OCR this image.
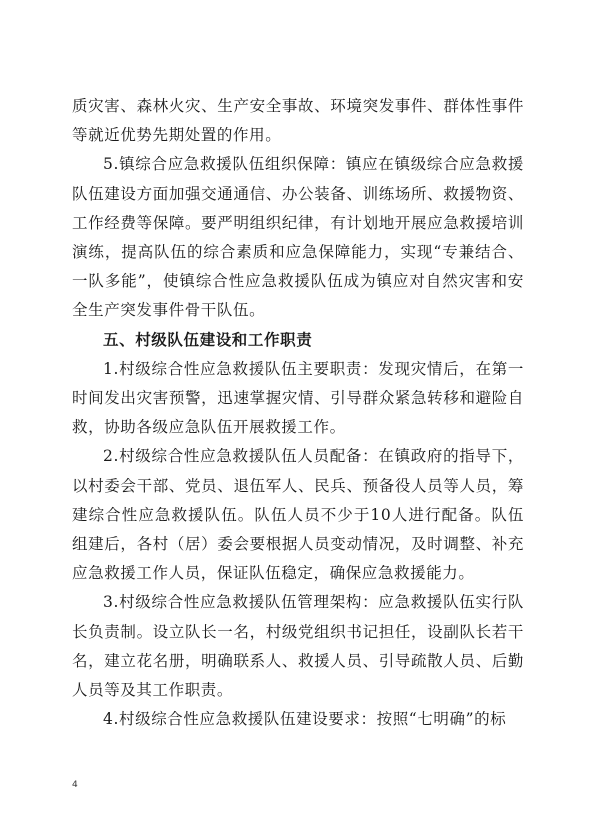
质灾害、森林火灾、生产安全事故、环境突发事件、群体性事件等就近优势先期处置的作用。

5.镇综合应急救援队伍组织保障：镇应在镇级综合应急救援队伍建设方面加强交通通信、办公装备、训练场所、救援物资、工作经费等保障。要严明组织纪律，有计划地开展应急救援培训演练，提高队伍的综合素质和应急保障能力，实现“专兼结合、一队多能”，使镇综合性应急救援队伍成为镇应对自然灾害和安全生产突发事件骨干队伍。

五、村级队伍建设和工作职责

1.村级综合性应急救援队伍主要职责：发现灾情后，在第一时间发出灾害预警，迅速掌握灾情、引导群众紧急转移和避险自救，协助各级应急队伍开展救援工作。

2.村级综合性应急救援队伍人员配备：在镇政府的指导下，以村委会干部、党员、退伍军人、民兵、预备役人员等人员，筹建综合性应急救援队伍。队伍人员不少于10人进行配备。队伍组建后，各村（居）委会要根据人员变动情况，及时调整、补充应急救援工作人员，保证队伍稳定，确保应急救援能力。

3.村级综合性应急救援队伍管理架构：应急救援队伍实行队长负责制。设立队长一名，村级党组织书记担任，设副队长若干名，建立花名册，明确联系人、救援人员、引导疏散人员、后勤人员等及其工作职责。

4.村级综合性应急救援队伍建设要求：按照“七明确”的标

4
